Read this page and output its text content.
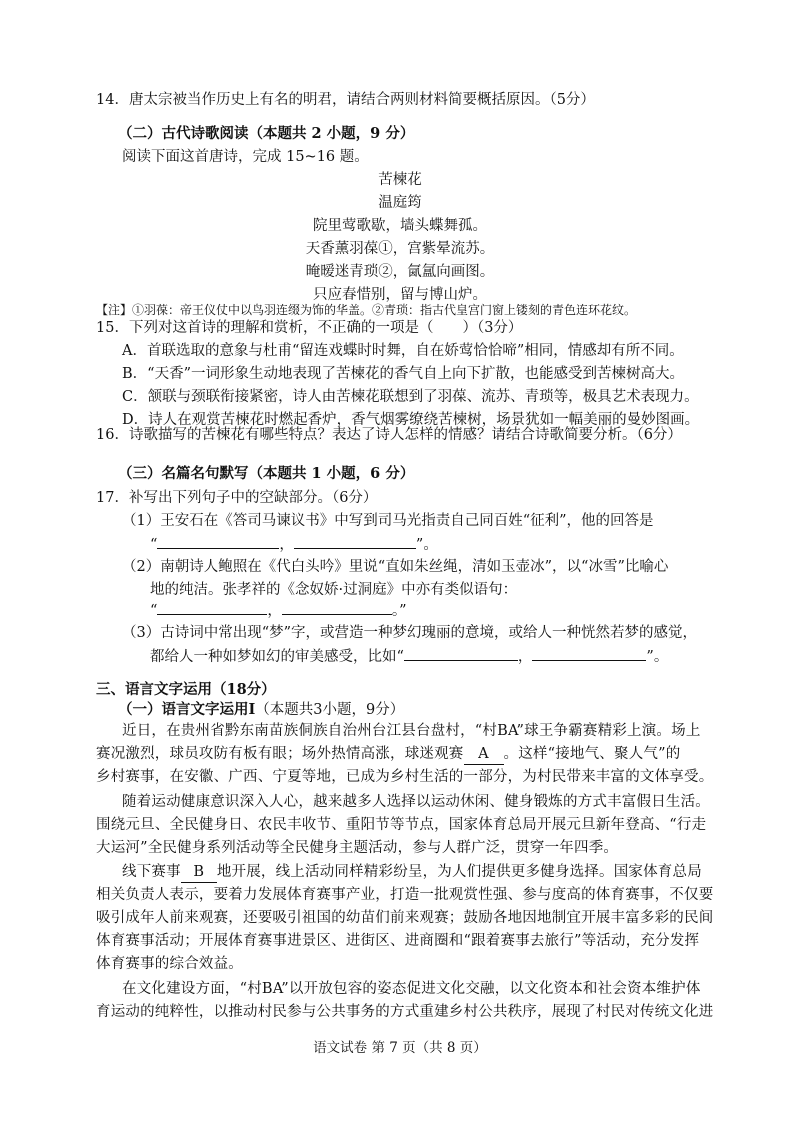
14．唐太宗被当作历史上有名的明君，请结合两则材料简要概括原因。（5分）
（二）古代诗歌阅读（本题共 2 小题，9 分）
阅读下面这首唐诗，完成 15~16 题。
苦楝花
温庭筠
院里莺歌歇，墙头蝶舞孤。
天香薰羽葆①，宫紫晕流苏。
晻暧迷青琐②，氤氲向画图。
只应春惜别，留与博山炉。
【注】①羽葆：帝王仪仗中以鸟羽连缀为饰的华盖。②青琐：指古代皇宫门窗上镂刻的青色连环花纹。
15．下列对这首诗的理解和赏析，不正确的一项是（　　）（3分）
A．首联选取的意象与杜甫“留连戏蝶时时舞，自在娇莺恰恰啼”相同，情感却有所不同。
B．“天香”一词形象生动地表现了苦楝花的香气自上向下扩散，也能感受到苦楝树高大。
C．颔联与颈联衔接紧密，诗人由苦楝花联想到了羽葆、流苏、青琐等，极具艺术表现力。
D．诗人在观赏苦楝花时燃起香炉，香气烟雾缭绕苦楝树，场景犹如一幅美丽的曼妙图画。
16．诗歌描写的苦楝花有哪些特点？表达了诗人怎样的情感？请结合诗歌简要分析。（6分）
（三）名篇名句默写（本题共 1 小题，6 分）
17．补写出下列句子中的空缺部分。（6分）
（1）王安石在《答司马谏议书》中写到司马光指责自己同百姓“征利”，他的回答是
“	，	”。
（2）南朝诗人鲍照在《代白头吟》里说“直如朱丝绳，清如玉壶冰”，以“冰雪”比喻心
地的纯洁。张孝祥的《念奴娇·过洞庭》中亦有类似语句：
“	，	。”
（3）古诗词中常出现“梦”字，或营造一种梦幻瑰丽的意境，或给人一种恍然若梦的感觉，
都给人一种如梦如幻的审美感受，比如“	，	”。
三、语言文字运用（18分）
（一）语言文字运用Ⅰ（本题共3小题，9分）
近日，在贵州省黔东南苗族侗族自治州台江县台盘村，“村BA”球王争霸赛精彩上演。场上
赛况激烈，球员攻防有板有眼；场外热情高涨，球迷观赛 A 。这样“接地气、聚人气”的
乡村赛事，在安徽、广西、宁夏等地，已成为乡村生活的一部分，为村民带来丰富的文体享受。
随着运动健康意识深入人心，越来越多人选择以运动休闲、健身锻炼的方式丰富假日生活。
围绕元旦、全民健身日、农民丰收节、重阳节等节点，国家体育总局开展元旦新年登高、“行走
大运河”全民健身系列活动等全民健身主题活动，参与人群广泛，贯穿一年四季。
线下赛事 B 地开展，线上活动同样精彩纷呈，为人们提供更多健身选择。国家体育总局
相关负责人表示，要着力发展体育赛事产业，打造一批观赏性强、参与度高的体育赛事，不仅要
吸引成年人前来观赛，还要吸引祖国的幼苗们前来观赛；鼓励各地因地制宜开展丰富多彩的民间
体育赛事活动；开展体育赛事进景区、进街区、进商圈和“跟着赛事去旅行”等活动，充分发挥
体育赛事的综合效益。
在文化建设方面，“村BA”以开放包容的姿态促进文化交融，以文化资本和社会资本维护体
育运动的纯粹性，以推动村民参与公共事务的方式重建乡村公共秩序，展现了村民对传统文化进
语文试卷 第 7 页（共 8 页）
